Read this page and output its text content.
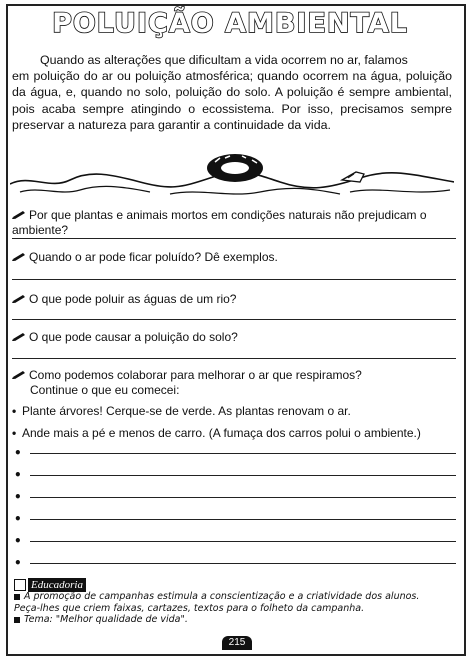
POLUIÇÃO AMBIENTAL
Quando as alterações que dificultam a vida ocorrem no ar, falamos
em poluição do ar ou poluição atmosférica; quando ocorrem na água, poluição da água, e, quando no solo, poluição do solo. A poluição é sempre ambiental, pois acaba sempre atingindo o ecossistema. Por isso, precisamos sempre preservar a natureza para garantir a continuidade da vida.
Por que plantas e animais mortos em condições naturais não prejudicam o ambiente?
Quando o ar pode ficar poluído? Dê exemplos.
O que pode poluir as águas de um rio?
O que pode causar a poluição do solo?
Como podemos colaborar para melhorar o ar que respiramos?
Continue o que eu comecei:
• Plante árvores! Cerque-se de verde. As plantas renovam o ar.
• Ande mais a pé e menos de carro. (A fumaça dos carros polui o ambiente.)
•
•
•
•
•
•
Educadoria
A promoção de campanhas estimula a conscientização e a criatividade dos alunos.
Peça-lhes que criem faixas, cartazes, textos para o folheto da campanha.
Tema: "Melhor qualidade de vida".
215
